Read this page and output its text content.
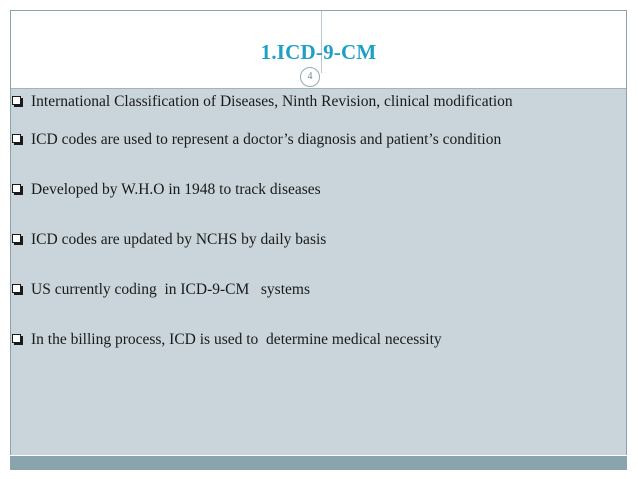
1.ICD-9-CM
4
International Classification of Diseases, Ninth Revision, clinical modification
ICD codes are used to represent a doctor’s diagnosis and patient’s condition
Developed by W.H.O in 1948 to track diseases
ICD codes are updated by NCHS by daily basis
US currently coding  in ICD-9-CM   systems
In the billing process, ICD is used to  determine medical necessity
